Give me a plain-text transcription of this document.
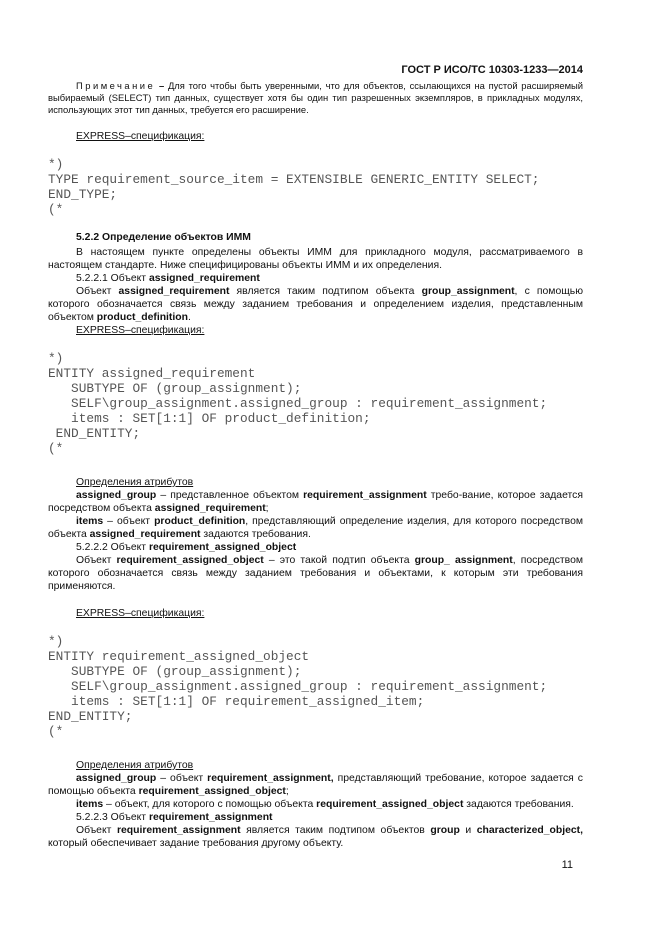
ГОСТ Р ИСО/ТС 10303-1233—2014

Примечание – Для того чтобы быть уверенными, что для объектов, ссылающихся на пустой расширяемый выбираемый (SELECT) тип данных, существует хотя бы один тип разрешенных экземпляров, в прикладных модулях, использующих этот тип данных, требуется его расширение.

EXPRESS–спецификация:

*)
TYPE requirement_source_item = EXTENSIBLE GENERIC_ENTITY SELECT;
END_TYPE;
(*

5.2.2 Определение объектов ИММ

В настоящем пункте определены объекты ИММ для прикладного модуля, рассматриваемого в настоящем стандарте. Ниже специфицированы объекты ИММ и их определения.

5.2.2.1 Объект assigned_requirement

Объект assigned_requirement является таким подтипом объекта group_assignment, с помощью которого обозначается связь между заданием требования и определением изделия, представленным объектом product_definition.

EXPRESS–спецификация:

*)
ENTITY assigned_requirement
SUBTYPE OF (group_assignment);
SELF\group_assignment.assigned_group : requirement_assignment;
items : SET[1:1] OF product_definition;
END_ENTITY;
(*

Определения атрибутов

assigned_group – представленное объектом requirement_assignment требо-вание, которое задается посредством объекта assigned_requirement;

items – объект product_definition, представляющий определение изделия, для которого посредством объекта assigned_requirement задаются требования.

5.2.2.2 Объект requirement_assigned_object

Объект requirement_assigned_object – это такой подтип объекта group_ assignment, посредством которого обозначается связь между заданием требования и объектами, к которым эти требования применяются.

EXPRESS–спецификация:

*)
ENTITY requirement_assigned_object
SUBTYPE OF (group_assignment);
SELF\group_assignment.assigned_group : requirement_assignment;
items : SET[1:1] OF requirement_assigned_item;
END_ENTITY;
(*

Определения атрибутов

assigned_group – объект requirement_assignment, представляющий требование, которое задается с помощью объекта requirement_assigned_object;

items – объект, для которого с помощью объекта requirement_assigned_object задаются требования.

5.2.2.3 Объект requirement_assignment

Объект requirement_assignment является таким подтипом объектов group и characterized_object, который обеспечивает задание требования другому объекту.

11
